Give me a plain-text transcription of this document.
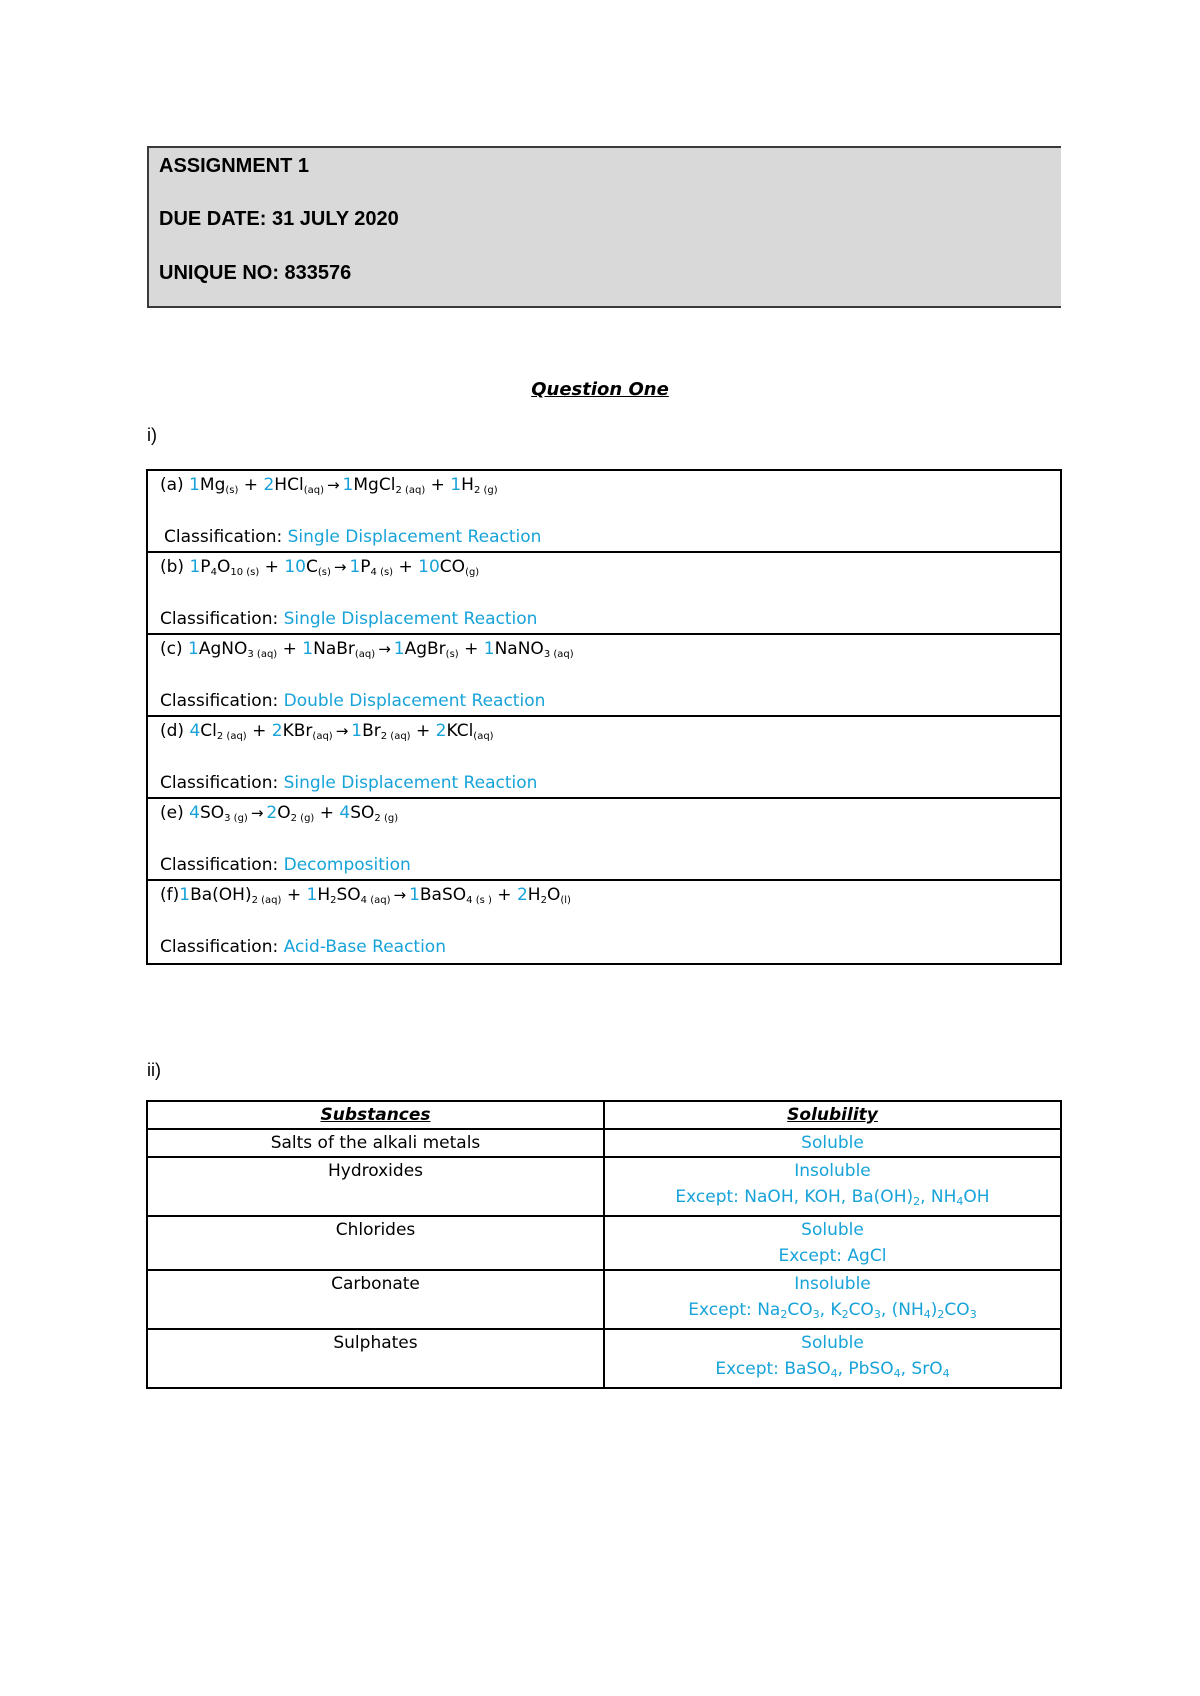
ASSIGNMENT 1
DUE DATE: 31 JULY 2020
UNIQUE NO: 833576
Question One
i)
(a) 1Mg(s) + 2HCl(aq) → 1MgCl2 (aq) + 1H2 (g)
Classification: Single Displacement Reaction
(b) $1P_4O_{10}$ (s) + 10C(s) → 1P4 (s) + 10CO(g)
Classification: Single Displacement Reaction
(c) 1AgNO3 (aq) + 1NaBr(aq) → 1AgBr(s) + 1NaNO3 (aq)
Classification: Double Displacement Reaction
(d) 4Cl2 (aq) + 2KBr(aq) → 1Br2 (aq) + 2KCl(aq)
Classification: Single Displacement Reaction
(e) 4SO3 (g) → 2O2 (g) + 4SO2 (g)
Classification: Decomposition
(f)1Ba(OH)2 $(aq) + 1H_2SO4$ (aq) → 1BaSO4 (s ) + $2H_2O(l)$
Classification: Acid-Base Reaction
ii)
Substances	Solubility
Salts of the alkali metals	Soluble

Hydroxides	Insoluble
Except: NaOH, KOH, $Ba(OH)_2$, $NH_4OH$

Chlorides	Soluble
Except: AgCl

Carbonate	Insoluble
Except: $Na_2CO_3$, $K_2CO_3$, $(NH_4)_2CO_3$

Sulphates	Soluble
Except: BaSO$_4$, PbSO$_4$, SrO$_4$
